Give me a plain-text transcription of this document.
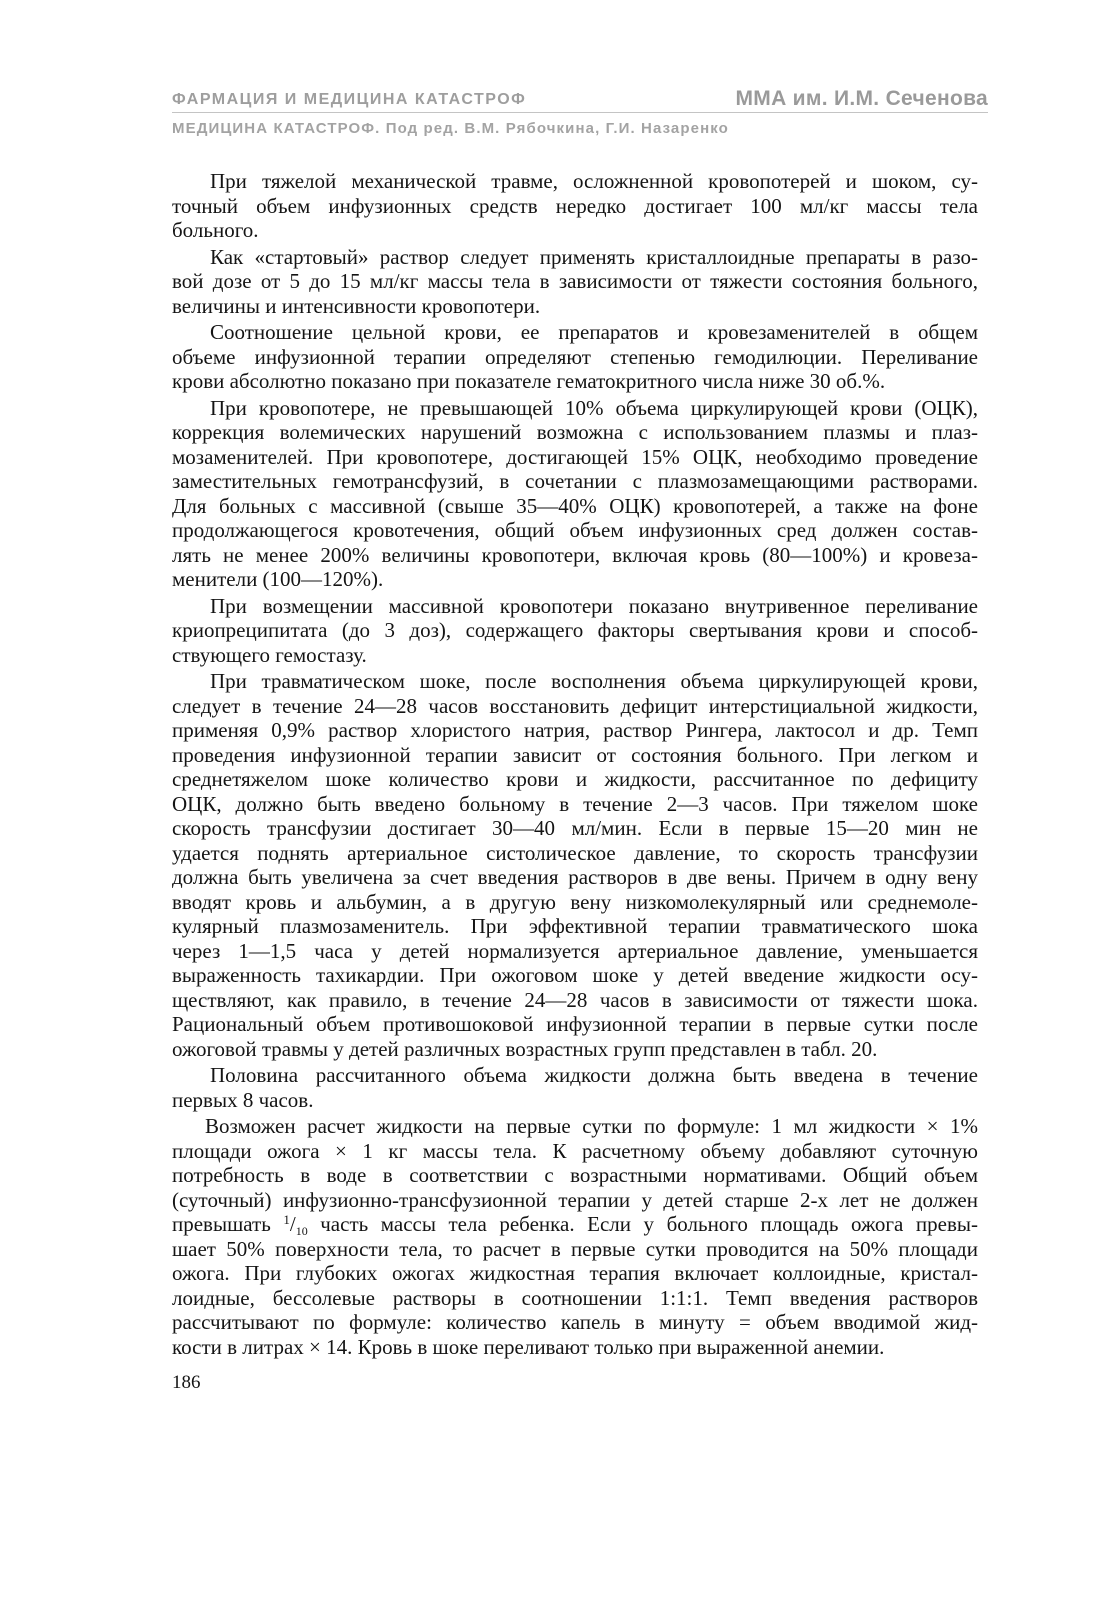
ФАРМАЦИЯ И МЕДИЦИНА КАТАСТРОФ	ММА им. И.М. Сеченова
МЕДИЦИНА КАТАСТРОФ. Под ред. В.М. Рябочкина, Г.И. Назаренко
При тяжелой механической травме, осложненной кровопотерей и шоком, су-
точный объем инфузионных средств нередко достигает 100 мл/кг массы тела
больного.
Как «стартовый» раствор следует применять кристаллоидные препараты в разо-
вой дозе от 5 до 15 мл/кг массы тела в зависимости от тяжести состояния больного,
величины и интенсивности кровопотери.
Соотношение цельной крови, ее препаратов и кровезаменителей в общем
объеме инфузионной терапии определяют степенью гемодилюции. Переливание
крови абсолютно показано при показателе гематокритного числа ниже 30 об.%.
При кровопотере, не превышающей 10% объема циркулирующей крови (ОЦК),
коррекция волемических нарушений возможна с использованием плазмы и плаз-
мозаменителей. При кровопотере, достигающей 15% ОЦК, необходимо проведение
заместительных гемотрансфузий, в сочетании с плазмозамещающими растворами.
Для больных с массивной (свыше 35—40% ОЦК) кровопотерей, а также на фоне
продолжающегося кровотечения, общий объем инфузионных сред должен состав-
лять не менее 200% величины кровопотери, включая кровь (80—100%) и кровеза-
менители (100—120%).
При возмещении массивной кровопотери показано внутривенное переливание
криопреципитата (до 3 доз), содержащего факторы свертывания крови и способ-
ствующего гемостазу.
При травматическом шоке, после восполнения объема циркулирующей крови,
следует в течение 24—28 часов восстановить дефицит интерстициальной жидкости,
применяя 0,9% раствор хлористого натрия, раствор Рингера, лактосол и др. Темп
проведения инфузионной терапии зависит от состояния больного. При легком и
среднетяжелом шоке количество крови и жидкости, рассчитанное по дефициту
ОЦК, должно быть введено больному в течение 2—3 часов. При тяжелом шоке
скорость трансфузии достигает 30—40 мл/мин. Если в первые 15—20 мин не
удается поднять артериальное систолическое давление, то скорость трансфузии
должна быть увеличена за счет введения растворов в две вены. Причем в одну вену
вводят кровь и альбумин, а в другую вену низкомолекулярный или среднемоле-
кулярный плазмозаменитель. При эффективной терапии травматического шока
через 1—1,5 часа у детей нормализуется артериальное давление, уменьшается
выраженность тахикардии. При ожоговом шоке у детей введение жидкости осу-
ществляют, как правило, в течение 24—28 часов в зависимости от тяжести шока.
Рациональный объем противошоковой инфузионной терапии в первые сутки после
ожоговой травмы у детей различных возрастных групп представлен в табл. 20.
Половина рассчитанного объема жидкости должна быть введена в течение
первых 8 часов.
Возможен расчет жидкости на первые сутки по формуле: 1 мл жидкости × 1%
площади ожога × 1 кг массы тела. К расчетному объему добавляют суточную
потребность в воде в соответствии с возрастными нормативами. Общий объем
(суточный) инфузионно-трансфузионной терапии у детей старше 2-х лет не должен
превышать $^1$/10 часть массы тела ребенка. Если у больного площадь ожога превы-
шает 50% поверхности тела, то расчет в первые сутки проводится на 50% площади
ожога. При глубоких ожогах жидкостная терапия включает коллоидные, кристал-
лоидные, бессолевые растворы в соотношении 1:1:1. Темп введения растворов
рассчитывают по формуле: количество капель в минуту = объем вводимой жид-
кости в литрах × 14. Кровь в шоке переливают только при выраженной анемии.
186
